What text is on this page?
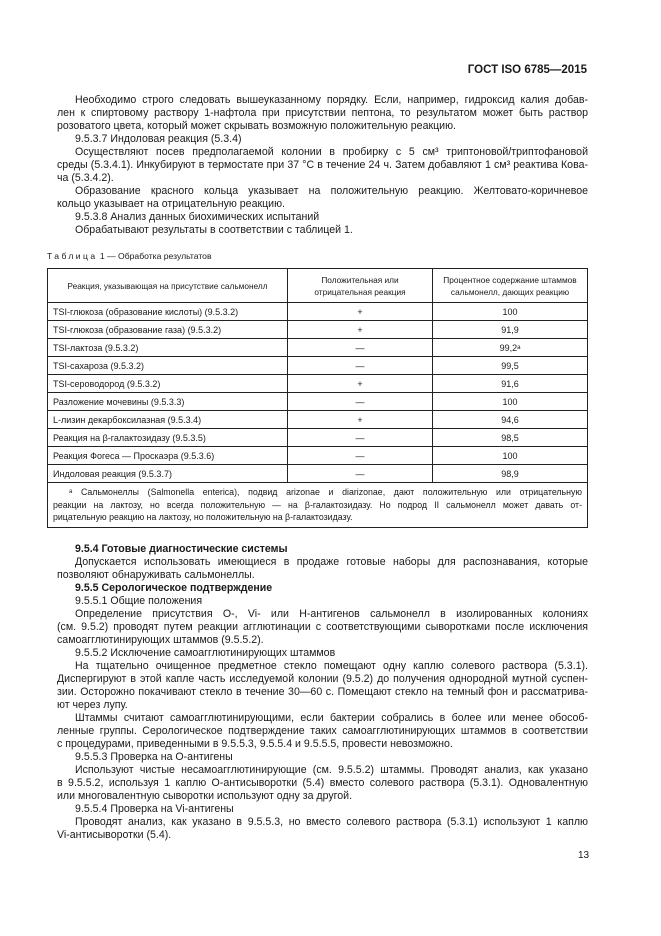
ГОСТ ISO 6785—2015
Необходимо строго следовать вышеуказанному порядку. Если, например, гидроксид калия добав-
лен к спиртовому раствору 1-нафтола при присутствии пептона, то результатом может быть раствор
розоватого цвета, который может скрывать возможную положительную реакцию.
9.5.3.7 Индоловая реакция (5.3.4)
Осуществляют посев предполагаемой колонии в пробирку с 5 см³ триптоновой/триптофановой
среды (5.3.4.1). Инкубируют в термостате при 37 °С в течение 24 ч. Затем добавляют 1 см³ реактива Кова-
ча (5.3.4.2).
Образование красного кольца указывает на положительную реакцию. Желтовато-коричневое
кольцо указывает на отрицательную реакцию.
9.5.3.8 Анализ данных биохимических испытаний
Обрабатывают результаты в соответствии с таблицей 1.
Таблица 1 — Обработка результатов
Реакция, указывающая на присутствие сальмонелл	Положительная или отрицательная реакция	Процентное содержание штаммов сальмонелл, дающих реакцию
TSI-глюкоза (образование кислоты) (9.5.3.2)	+	100
TSI-глюкоза (образование газа) (9.5.3.2)	+	91,9
TSI-лактоза (9.5.3.2)	—	99,2ᵃ
TSI-сахароза (9.5.3.2)	—	99,5
TSI-сероводород (9.5.3.2)	+	91,6
Разложение мочевины (9.5.3.3)	—	100
L-лизин декарбоксилазная (9.5.3.4)	+	94,6
Реакция на β-галактозидазу (9.5.3.5)	—	98,5
Реакция Фогеса — Проскаэра (9.5.3.6)	—	100
Индоловая реакция (9.5.3.7)	—	98,9

ᵃ Сальмонеллы (Salmonella enterica), подвид arizonae и diarizonae, дают положительную или отрицательную
реакции на лактозу, но всегда положительную — на β-галактозидазу. Но подрод II сальмонелл может давать от-
рицательную реакцию на лактозу, но положительную на β-галактозидазу.		
9.5.4 Готовые диагностические системы
Допускается использовать имеющиеся в продаже готовые наборы для распознавания, которые
позволяют обнаруживать сальмонеллы.
9.5.5 Серологическое подтверждение
9.5.5.1 Общие положения
Определение присутствия О-, Vi- или Н-антигенов сальмонелл в изолированных колониях
(см. 9.5.2) проводят путем реакции агглютинации с соответствующими сыворотками после исключения
самоагглютинирующих штаммов (9.5.5.2).
9.5.5.2 Исключение самоагглютинирующих штаммов
На тщательно очищенное предметное стекло помещают одну каплю солевого раствора (5.3.1).
Диспергируют в этой капле часть исследуемой колонии (9.5.2) до получения однородной мутной суспен-
зии. Осторожно покачивают стекло в течение 30—60 с. Помещают стекло на темный фон и рассматрива-
ют через лупу.
Штаммы считают самоагглютинирующими, если бактерии собрались в более или менее обособ-
ленные группы. Серологическое подтверждение таких самоагглютинирующих штаммов в соответствии
с процедурами, приведенными в 9.5.5.3, 9.5.5.4 и 9.5.5.5, провести невозможно.
9.5.5.3 Проверка на О-антигены
Используют чистые несамоагглютинирующие (см. 9.5.5.2) штаммы. Проводят анализ, как указано
в 9.5.5.2, используя 1 каплю О-антисыворотки (5.4) вместо солевого раствора (5.3.1). Одновалентную
или многовалентную сыворотки используют одну за другой.
9.5.5.4 Проверка на Vi-антигены
Проводят анализ, как указано в 9.5.5.3, но вместо солевого раствора (5.3.1) используют 1 каплю
Vi-антисыворотки (5.4).
13
